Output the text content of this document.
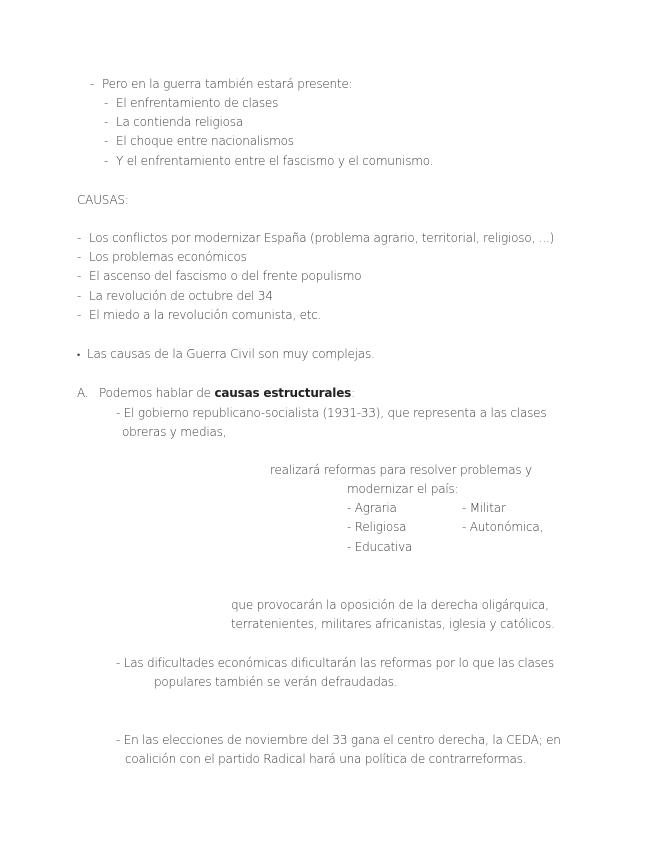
- Pero en la guerra también estará presente:
- El enfrentamiento de clases
- La contienda religiosa
- El choque entre nacionalismos
- Y el enfrentamiento entre el fascismo y el comunismo.
CAUSAS:
- Los conflictos por modernizar España (problema agrario, territorial, religioso, ...)
- Los problemas económicos
- El ascenso del fascismo o del frente populismo
- La revolución de octubre del 34
- El miedo a la revolución comunista, etc.
• Las causas de la Guerra Civil son muy complejas.
A. Podemos hablar de causas estructurales:
- El gobierno republicano-socialista (1931-33), que representa a las clases
obreras y medias,
realizará reformas para resolver problemas y
modernizar el país:
- Agraria	- Militar
- Religiosa	- Autonómica,
- Educativa
que provocarán la oposición de la derecha oligárquica,
terratenientes, militares africanistas, iglesia y católicos.
- Las dificultades económicas dificultarán las reformas por lo que las clases
populares también se verán defraudadas.
- En las elecciones de noviembre del 33 gana el centro derecha, la CEDA; en
coalición con el partido Radical hará una política de contrarreformas.
